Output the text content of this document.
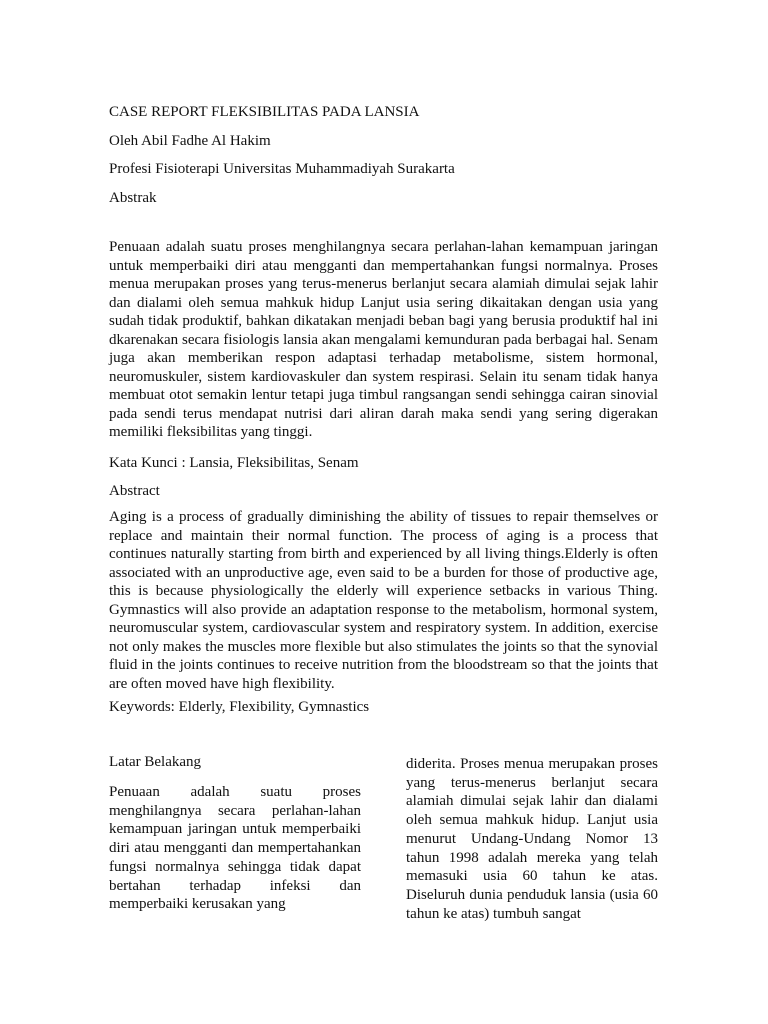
CASE REPORT FLEKSIBILITAS PADA LANSIA
Oleh Abil Fadhe Al Hakim
Profesi Fisioterapi Universitas Muhammadiyah Surakarta
Abstrak
Penuaan adalah suatu proses menghilangnya secara perlahan-lahan kemampuan jaringan untuk memperbaiki diri atau mengganti dan mempertahankan fungsi normalnya. Proses menua merupakan proses yang terus-menerus berlanjut secara alamiah dimulai sejak lahir dan dialami oleh semua mahkuk hidup Lanjut usia sering dikaitakan dengan usia yang sudah tidak produktif, bahkan dikatakan menjadi beban bagi yang berusia produktif hal ini dkarenakan secara fisiologis lansia akan mengalami kemunduran pada berbagai hal. Senam juga akan memberikan respon adaptasi terhadap metabolisme, sistem hormonal, neuromuskuler, sistem kardiovaskuler dan system respirasi. Selain itu senam tidak hanya membuat otot semakin lentur tetapi juga timbul rangsangan sendi sehingga cairan sinovial pada sendi terus mendapat nutrisi dari aliran darah maka sendi yang sering digerakan memiliki fleksibilitas yang tinggi.
Kata Kunci : Lansia, Fleksibilitas, Senam
Abstract
Aging is a process of gradually diminishing the ability of tissues to repair themselves or replace and maintain their normal function. The process of aging is a process that continues naturally starting from birth and experienced by all living things.Elderly is often associated with an unproductive age, even said to be a burden for those of productive age, this is because physiologically the elderly will experience setbacks in various Thing. Gymnastics will also provide an adaptation response to the metabolism, hormonal system, neuromuscular system, cardiovascular system and respiratory system. In addition, exercise not only makes the muscles more flexible but also stimulates the joints so that the synovial fluid in the joints continues to receive nutrition from the bloodstream so that the joints that are often moved have high flexibility.
Keywords: Elderly, Flexibility, Gymnastics
Latar Belakang
Penuaan adalah suatu proses menghilangnya secara perlahan-lahan kemampuan jaringan untuk memperbaiki diri atau mengganti dan mempertahankan fungsi normalnya sehingga tidak dapat bertahan terhadap infeksi dan memperbaiki kerusakan yang
diderita. Proses menua merupakan proses yang terus-menerus berlanjut secara alamiah dimulai sejak lahir dan dialami oleh semua mahkuk hidup. Lanjut usia menurut Undang-Undang Nomor 13 tahun 1998 adalah mereka yang telah memasuki usia 60 tahun ke atas. Diseluruh dunia penduduk lansia (usia 60 tahun ke atas) tumbuh sangat
